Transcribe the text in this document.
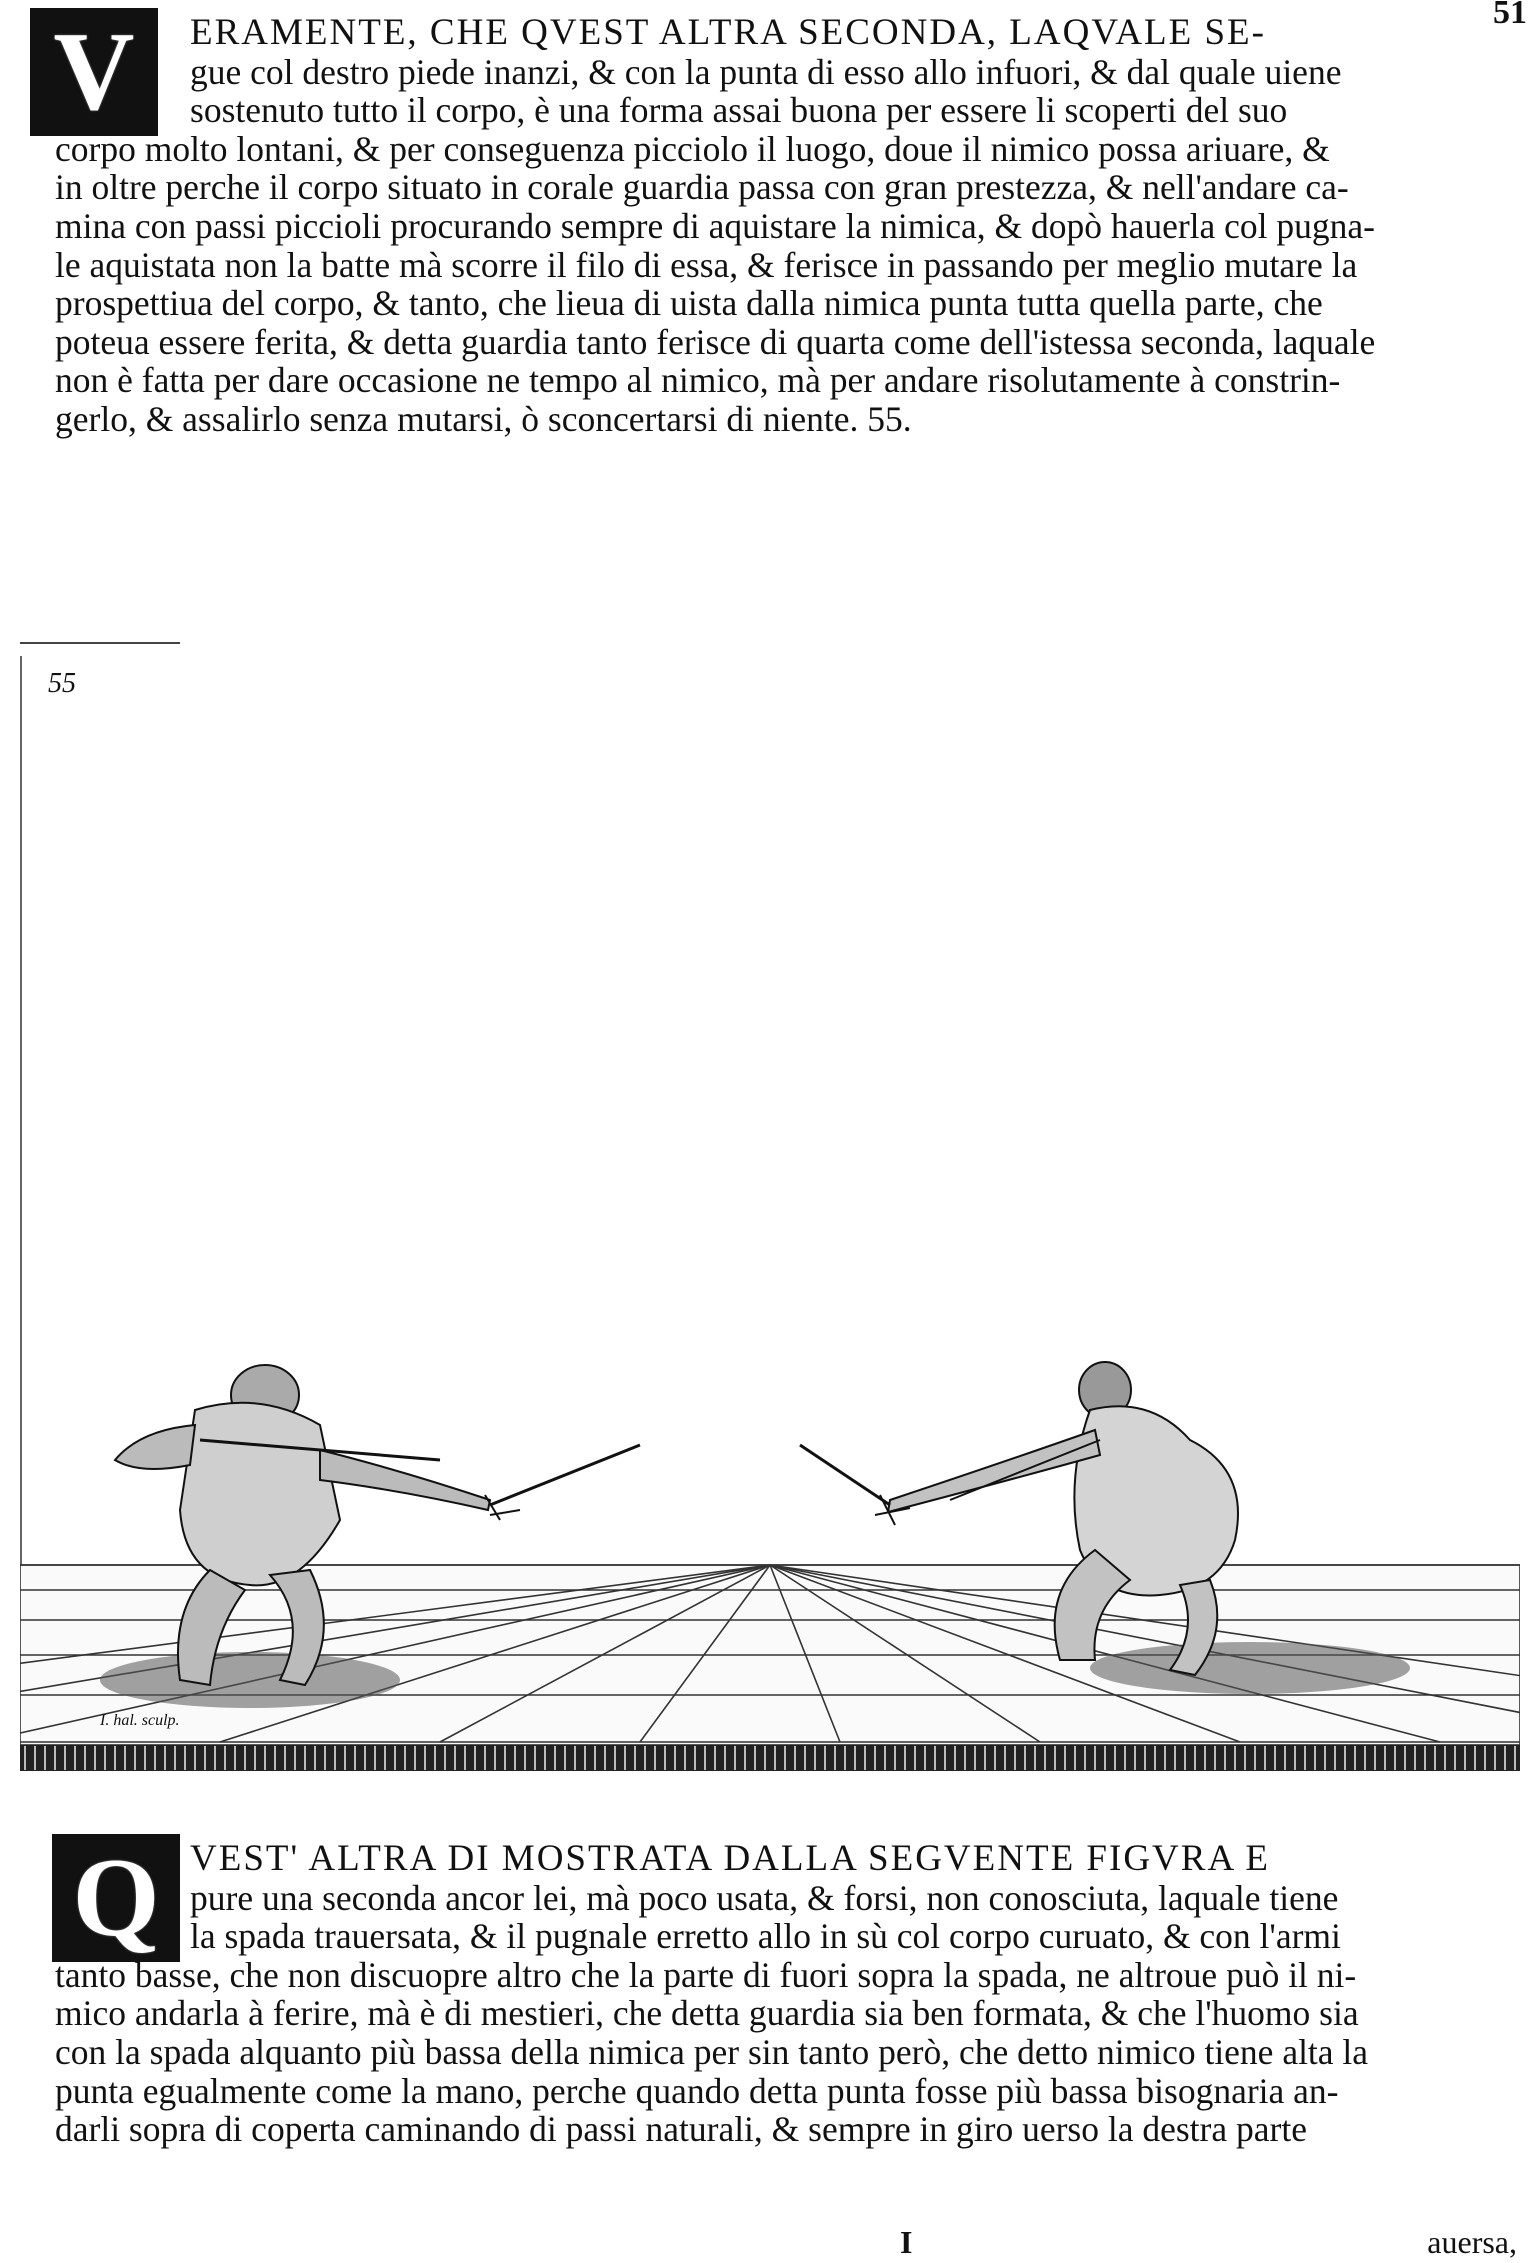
51
V	ERAMENTE, CHE QVEST ALTRA SECONDA, LAQVALE SE-
gue col destro piede inanzi, & con la punta di esso allo infuori, & dal quale uiene
sostenuto tutto il corpo, è una forma assai buona per essere li scoperti del suo
corpo molto lontani, & per conseguenza picciolo il luogo, doue il nimico possa ariuare, &
in oltre perche il corpo situato in corale guardia passa con gran prestezza, & nell'andare ca-
mina con passi piccioli procurando sempre di aquistare la nimica, & dopò hauerla col pugna-
le aquistata non la batte mà scorre il filo di essa, & ferisce in passando per meglio mutare la
prospettiua del corpo, & tanto, che lieua di uista dalla nimica punta tutta quella parte, che
poteua essere ferita, & detta guardia tanto ferisce di quarta come dell'istessa seconda, laquale
non è fatta per dare occasione ne tempo al nimico, mà per andare risolutamente à constrin-
gerlo, & assalirlo senza mutarsi, ò sconcertarsi di niente. 55.
55
I. hal. sculp.
Q VEST' ALTRA DI MOSTRATA DALLA SEGVENTE FIGVRA E
pure una seconda ancor lei, mà poco usata, & forsi, non conosciuta, laquale tiene
la spada trauersata, & il pugnale erretto allo in sù col corpo curuato, & con l'armi
tanto basse, che non discuopre altro che la parte di fuori sopra la spada, ne altroue può il ni-
mico andarla à ferire, mà è di mestieri, che detta guardia sia ben formata, & che l'huomo sia
con la spada alquanto più bassa della nimica per sin tanto però, che detto nimico tiene alta la
punta egualmente come la mano, perche quando detta punta fosse più bassa bisognaria an-
darli sopra di coperta caminando di passi naturali, & sempre in giro uerso la destra parte
I	auersa,
